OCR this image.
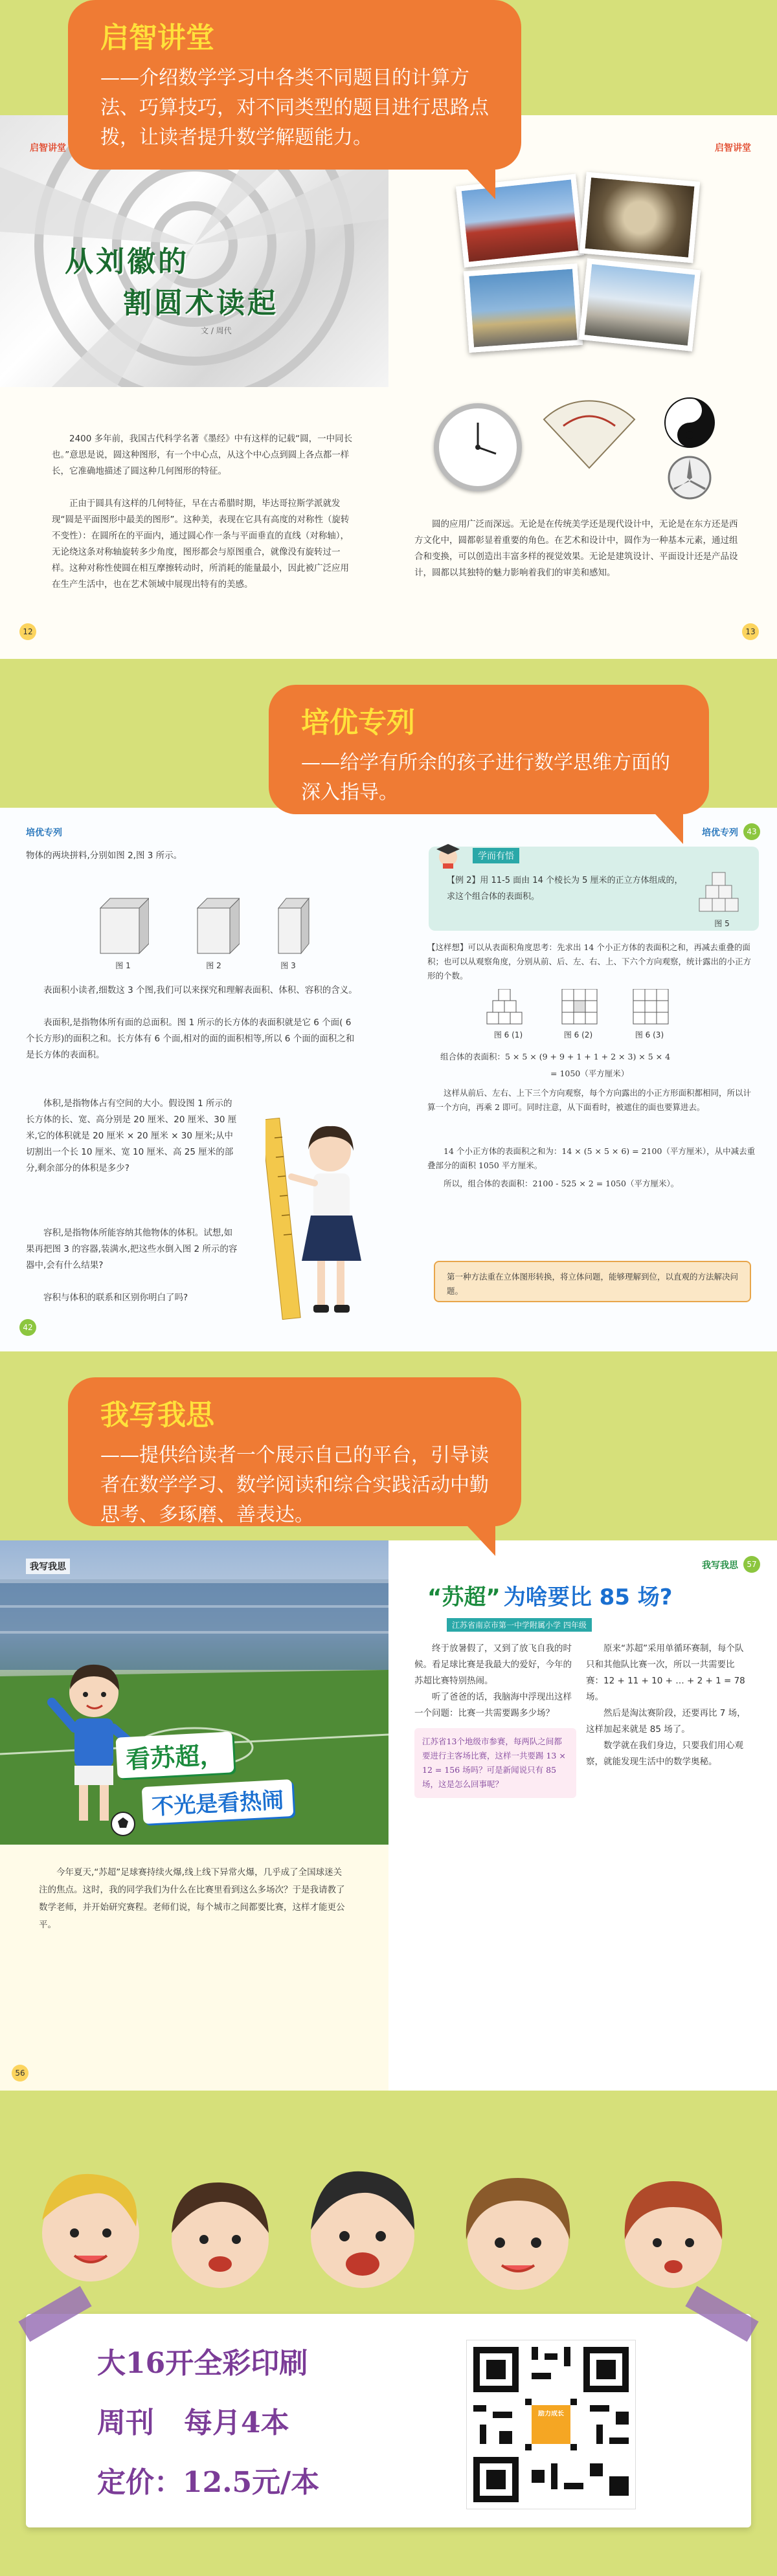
启智讲堂

——介绍数学学习中各类不同题目的计算方法、巧算技巧，对不同类型的题目进行思路点拨，让读者提升数学解题能力。

启智讲堂
从刘徽的
割圆术读起
文 / 周代

2400 多年前，我国古代科学名著《墨经》中有这样的记载“圆，一中同长也。”意思是说，圆这种图形，有一个中心点，从这个中心点到圆上各点都一样长，它准确地描述了圆这种几何图形的特征。

正由于圆具有这样的几何特征，早在古希腊时期，毕达哥拉斯学派就发现“圆是平面图形中最美的图形”。这种美，表现在它具有高度的对称性（旋转不变性）：在圆所在的平面内，通过圆心作一条与平面垂直的直线（对称轴），无论绕这条对称轴旋转多少角度，图形都会与原图重合，就像没有旋转过一样。这种对称性使圆在相互摩擦转动时，所消耗的能量最小，因此被广泛应用在生产生活中，也在艺术领域中展现出特有的美感。

12
启智讲堂

圆的应用广泛而深远。无论是在传统美学还是现代设计中，无论是在东方还是西方文化中，圆都彰显着重要的角色。在艺术和设计中，圆作为一种基本元素，通过组合和变换，可以创造出丰富多样的视觉效果。无论是建筑设计、平面设计还是产品设计，圆都以其独特的魅力影响着我们的审美和感知。

13
培优专列

——给学有所余的孩子进行数学思维方面的深入指导。

培优专列

物体的两块拼料,分别如图 2,图 3 所示。

图 1	图 2	图 3

表面积小读者,细数这 3 个图,我们可以来探究和理解表面积、体积、容积的含义。

表面积,是指物体所有面的总面积。图 1 所示的长方体的表面积就是它 6 个面( 6 个长方形)的面积之和。长方体有 6 个面,相对的面的面积相等,所以 6 个面的面积之和是长方体的表面积。

体积,是指物体占有空间的大小。假设图 1 所示的长方体的长、宽、高分别是 20 厘米、20 厘米、30 厘米,它的体积就是 20 厘米 × 20 厘米 × 30 厘米;从中切割出一个长 10 厘米、宽 10 厘米、高 25 厘米的部分,剩余部分的体积是多少?

容积,是指物体所能容纳其他物体的体积。试想,如果再把图 3 的容器,装满水,把这些水倒入图 2 所示的容器中,会有什么结果?

容积与体积的联系和区别你明白了吗?

42
培优专列	43
学而有悟

【例 2】用 11-5 面由 14 个棱长为 5 厘米的正立方体组成的，求这个组合体的表面积。

图 5

【这样想】可以从表面积角度思考：先求出 14 个小正方体的表面积之和，再减去重叠的面积；也可以从观察角度，分别从前、后、左、右、上、下六个方向观察，统计露出的小正方形的个数。

图 6 (1)	图 6 (2)	图 6 (3)

组合体的表面积：5 × 5 × (9 + 9 + 1 + 1 + 2 × 3) × 5 × 4

= 1050（平方厘米）

这样从前后、左右、上下三个方向观察，每个方向露出的小正方形面积都相同，所以计算一个方向，再乘 2 即可。同时注意，从下面看时，被遮住的面也要算进去。

14 个小正方体的表面积之和为：14 × (5 × 5 × 6) = 2100（平方厘米），从中减去重叠部分的面积 1050 平方厘米。

所以，组合体的表面积：2100 - 525 × 2 = 1050（平方厘米）。

第一种方法重在立体图形转换，将立体问题，能够理解到位，以直观的方法解决问题。
我写我思

——提供给读者一个展示自己的平台，引导读者在数学学习、数学阅读和综合实践活动中勤思考、多琢磨、善表达。

我写我思
看苏超， 不光是看热闹

今年夏天,“苏超”足球赛持续火爆,线上线下异常火爆，几乎成了全国球迷关注的焦点。这时，我的同学我们为什么在比赛里看到这么多场次？于是我请教了数学老师，并开始研究赛程。老师们说，每个城市之间都要比赛，这样才能更公平。

56
我写我思	57
“苏超” 为啥要比 85 场?
江苏省南京市第一中学附属小学 四年级

终于放暑假了，又到了放飞自我的时候。看足球比赛是我最大的爱好，今年的苏超比赛特别热闹。

听了爸爸的话，我脑海中浮现出这样一个问题：比赛一共需要踢多少场？

江苏省13个地级市参赛，每两队之间都要进行主客场比赛，这样一共要踢 13 × 12 = 156 场吗？可是新闻说只有 85 场，这是怎么回事呢？

原来“苏超”采用单循环赛制，每个队只和其他队比赛一次，所以一共需要比赛：12 + 11 + 10 + … + 2 + 1 = 78 场。

然后是淘汰赛阶段，还要再比 7 场，这样加起来就是 85 场了。

数学就在我们身边，只要我们用心观察，就能发现生活中的数学奥秘。

大16开全彩印刷
周刊   每月4本
定价：12.5元/本
励力成长
